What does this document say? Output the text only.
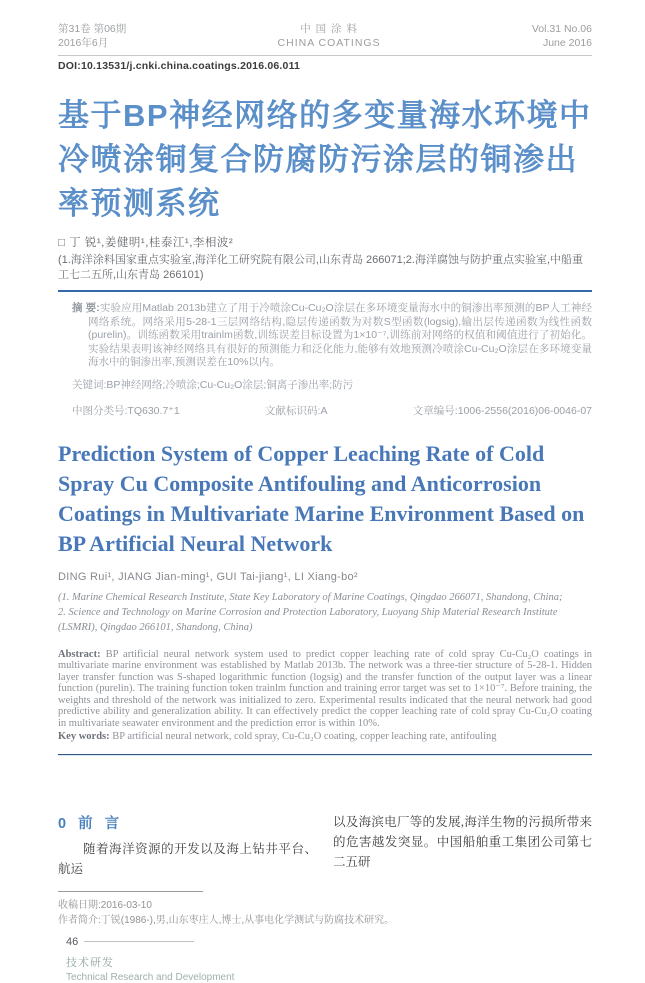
第31卷 第06期
2016年6月
中 国 涂 料
CHINA COATINGS
Vol.31 No.06
June 2016
DOI:10.13531/j.cnki.china.coatings.2016.06.011
基于BP神经网络的多变量海水环境中冷喷涂铜复合防腐防污涂层的铜渗出率预测系统
□ 丁 锐¹,姜健明¹,桂泰江¹,李相波²
(1.海洋涂料国家重点实验室,海洋化工研究院有限公司,山东青岛 266071;2.海洋腐蚀与防护重点实验室,中船重工七二五所,山东青岛 266101)

摘 要:实验应用Matlab 2013b建立了用于冷喷涂Cu-Cu₂O涂层在多环境变量海水中的铜渗出率预测的BP人工神经网络系统。网络采用5-28-1三层网络结构,隐层传递函数为对数S型函数(logsig),输出层传递函数为线性函数(purelin)。训练函数采用trainlm函数,训练误差目标设置为1×10⁻⁷,训练前对网络的权值和阈值进行了初始化。实验结果表明该神经网络具有很好的预测能力和泛化能力,能够有效地预测冷喷涂Cu-Cu₂O涂层在多环境变量海水中的铜渗出率,预测误差在10%以内。

关键词:BP神经网络;冷喷涂;Cu-Cu₂O涂层;铜离子渗出率;防污
中图分类号:TQ630.7⁺1	文献标识码:A	文章编号:1006-2556(2016)06-0046-07
Prediction System of Copper Leaching Rate of Cold Spray Cu Composite Antifouling and Anticorrosion Coatings in Multivariate Marine Environment Based on BP Artificial Neural Network
DING Rui¹, JIANG Jian-ming¹, GUI Tai-jiang¹, LI Xiang-bo²
(1. Marine Chemical Research Institute, State Key Laboratory of Marine Coatings, Qingdao 266071, Shandong, China;
2. Science and Technology on Marine Corrosion and Protection Laboratory, Luoyang Ship Material Research Institute (LSMRI), Qingdao 266101, Shandong, China)

Abstract: BP artificial neural network system used to predict copper leaching rate of cold spray Cu-Cu₂O coatings in multivariate marine environment was established by Matlab 2013b. The network was a three-tier structure of 5-28-1. Hidden layer transfer function was S-shaped logarithmic function (logsig) and the transfer function of the output layer was a linear function (purelin). The training function token trainlm function and training error target was set to 1×10⁻⁷. Before training, the weights and threshold of the network was initialized to zero. Experimental results indicated that the neural network had good predictive ability and generalization ability. It can effectively predict the copper leaching rate of cold spray Cu-Cu₂O coating in multivariate seawater environment and the prediction error is within 10%.

Key words: BP artificial neural network, cold spray, Cu-Cu₂O coating, copper leaching rate, antifouling

0 前 言

随着海洋资源的开发以及海上钻井平台、航运

以及海滨电厂等的发展,海洋生物的污损所带来的危害越发突显。中国船舶重工集团公司第七二五研

收稿日期:2016-03-10
作者简介:丁锐(1986-),男,山东枣庄人,博士,从事电化学测试与防腐技术研究。
46
技术研发
Technical Research and Development
